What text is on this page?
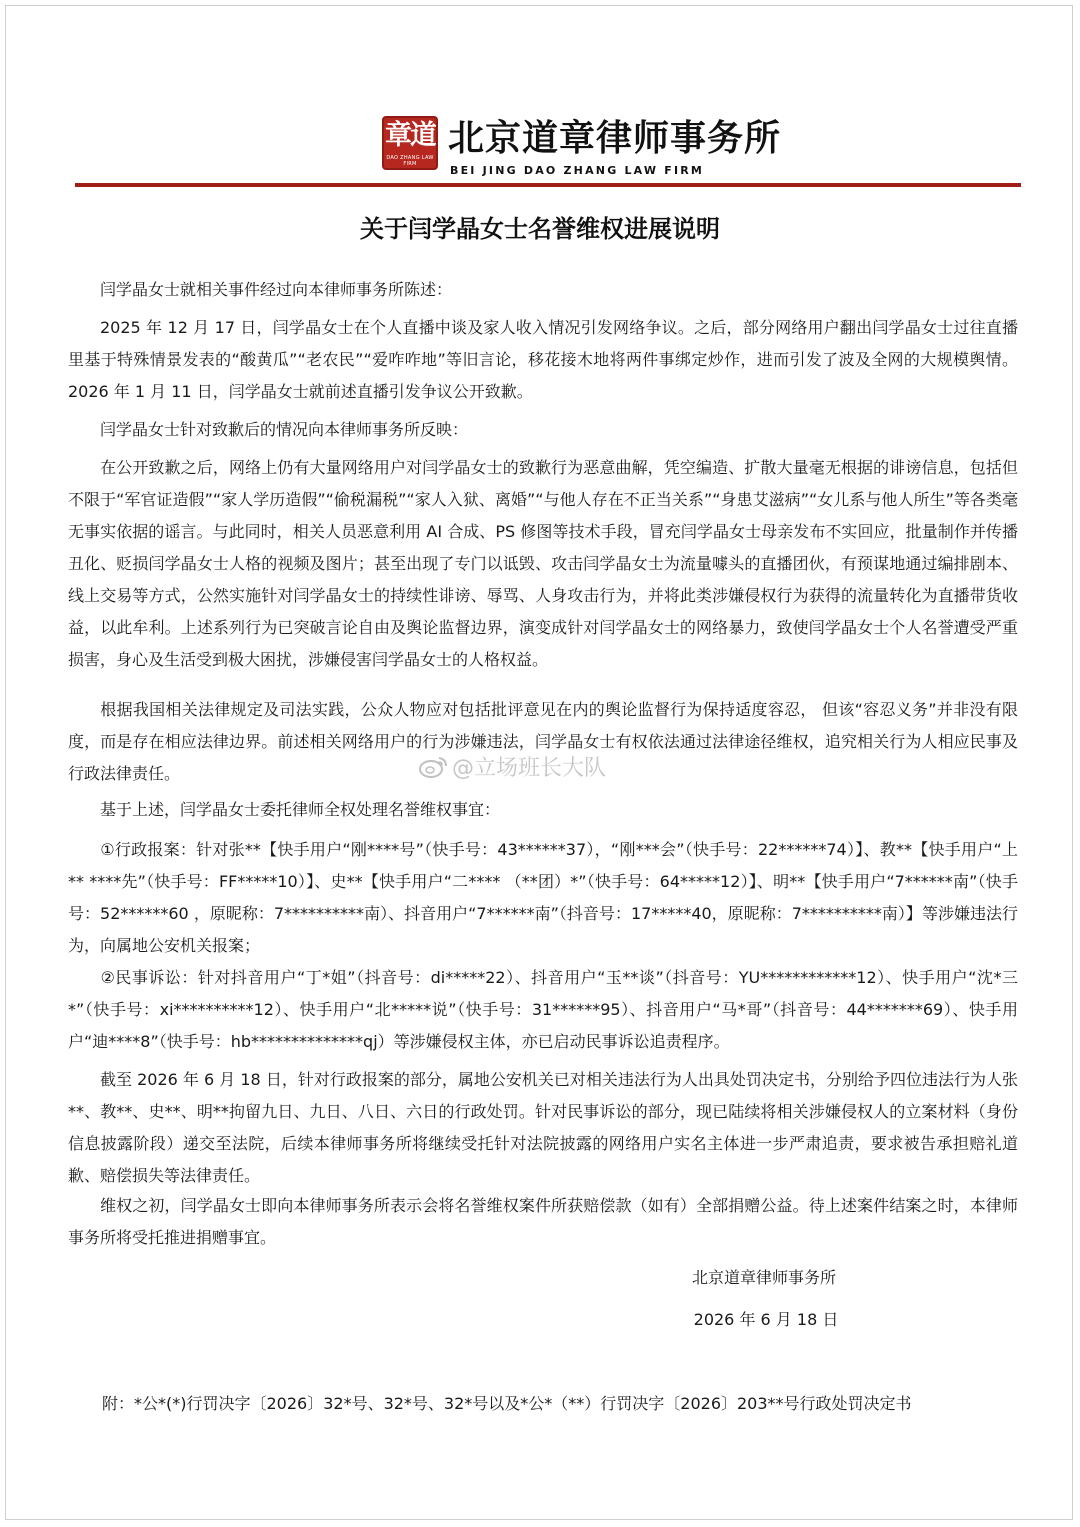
章道
DAO ZHANG LAW FIRM
北京道章律师事务所
BEI JING DAO ZHANG LAW FIRM
关于闫学晶女士名誉维权进展说明

闫学晶女士就相关事件经过向本律师事务所陈述：

2025 年 12 月 17 日，闫学晶女士在个人直播中谈及家人收入情况引发网络争议。之后，部分网络用户翻出闫学晶女士过往直播里基于特殊情景发表的“酸黄瓜”“老农民”“爱咋咋地”等旧言论，移花接木地将两件事绑定炒作，进而引发了波及全网的大规模舆情。2026 年 1 月 11 日，闫学晶女士就前述直播引发争议公开致歉。

闫学晶女士针对致歉后的情况向本律师事务所反映：

在公开致歉之后，网络上仍有大量网络用户对闫学晶女士的致歉行为恶意曲解，凭空编造、扩散大量毫无根据的诽谤信息，包括但不限于“军官证造假”“家人学历造假”“偷税漏税”“家人入狱、离婚”“与他人存在不正当关系”“身患艾滋病”“女儿系与他人所生”等各类毫无事实依据的谣言。与此同时，相关人员恶意利用 AI 合成、PS 修图等技术手段，冒充闫学晶女士母亲发布不实回应，批量制作并传播丑化、贬损闫学晶女士人格的视频及图片；甚至出现了专门以诋毁、攻击闫学晶女士为流量噱头的直播团伙，有预谋地通过编排剧本、线上交易等方式，公然实施针对闫学晶女士的持续性诽谤、辱骂、人身攻击行为，并将此类涉嫌侵权行为获得的流量转化为直播带货收益，以此牟利。上述系列行为已突破言论自由及舆论监督边界，演变成针对闫学晶女士的网络暴力，致使闫学晶女士个人名誉遭受严重损害，身心及生活受到极大困扰，涉嫌侵害闫学晶女士的人格权益。

根据我国相关法律规定及司法实践，公众人物应对包括批评意见在内的舆论监督行为保持适度容忍， 但该“容忍义务”并非没有限度，而是存在相应法律边界。前述相关网络用户的行为涉嫌违法，闫学晶女士有权依法通过法律途径维权，追究相关行为人相应民事及行政法律责任。

基于上述，闫学晶女士委托律师全权处理名誉维权事宜：

①行政报案：针对张**【快手用户“刚****号”（快手号：43******37），“刚***会”（快手号：22******74）】、教**【快手用户“上** ****先”（快手号：FF*****10）】、史**【快手用户“二**** （**团）*”（快手号：64*****12）】、明**【快手用户“7******南”（快手号：52******60 ，原昵称：7**********南）、抖音用户“7******南”（抖音号：17*****40，原昵称：7**********南）】等涉嫌违法行为，向属地公安机关报案；

②民事诉讼：针对抖音用户“丁*姐”（抖音号：di*****22）、抖音用户“玉**谈”（抖音号：YU************12）、快手用户“沈*三*”（快手号：xi**********12）、快手用户“北*****说”（快手号：31******95）、抖音用户“马*哥”（抖音号：44*******69）、快手用户“迪****8”（快手号：hb**************qj）等涉嫌侵权主体，亦已启动民事诉讼追责程序。

截至 2026 年 6 月 18 日，针对行政报案的部分，属地公安机关已对相关违法行为人出具处罚决定书，分别给予四位违法行为人张**、教**、史**、明**拘留九日、九日、八日、六日的行政处罚。针对民事诉讼的部分，现已陆续将相关涉嫌侵权人的立案材料（身份信息披露阶段）递交至法院，后续本律师事务所将继续受托针对法院披露的网络用户实名主体进一步严肃追责，要求被告承担赔礼道歉、赔偿损失等法律责任。

维权之初，闫学晶女士即向本律师事务所表示会将名誉维权案件所获赔偿款（如有）全部捐赠公益。待上述案件结案之时，本律师事务所将受托推进捐赠事宜。

北京道章律师事务所
2026 年 6 月 18 日
附：*公*(*)行罚决字〔2026〕32*号、32*号、32*号以及*公*（**）行罚决字〔2026〕203**号行政处罚决定书
@立场班长大队
